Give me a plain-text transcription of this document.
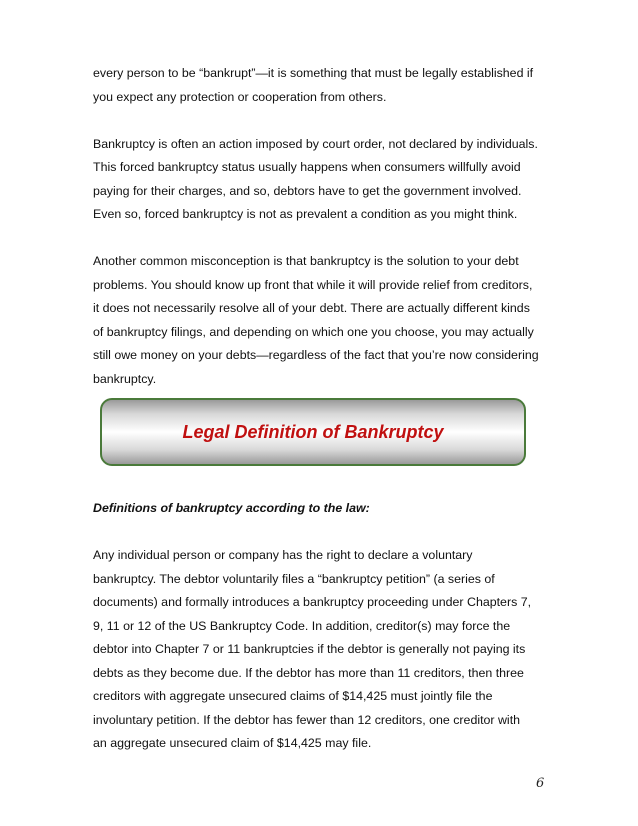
every person to be “bankrupt”—it is something that must be legally established if
you expect any protection or cooperation from others.

Bankruptcy is often an action imposed by court order, not declared by individuals.
This forced bankruptcy status usually happens when consumers willfully avoid
paying for their charges, and so, debtors have to get the government involved.
Even so, forced bankruptcy is not as prevalent a condition as you might think.

Another common misconception is that bankruptcy is the solution to your debt
problems. You should know up front that while it will provide relief from creditors,
it does not necessarily resolve all of your debt. There are actually different kinds
of bankruptcy filings, and depending on which one you choose, you may actually
still owe money on your debts—regardless of the fact that you’re now considering
bankruptcy.

Legal Definition of Bankruptcy
Definitions of bankruptcy according to the law:

Any individual person or company has the right to declare a voluntary
bankruptcy. The debtor voluntarily files a “bankruptcy petition” (a series of
documents) and formally introduces a bankruptcy proceeding under Chapters 7,
9, 11 or 12 of the US Bankruptcy Code. In addition, creditor(s) may force the
debtor into Chapter 7 or 11 bankruptcies if the debtor is generally not paying its
debts as they become due. If the debtor has more than 11 creditors, then three
creditors with aggregate unsecured claims of $14,425 must jointly file the
involuntary petition. If the debtor has fewer than 12 creditors, one creditor with
an aggregate unsecured claim of $14,425 may file.

6
